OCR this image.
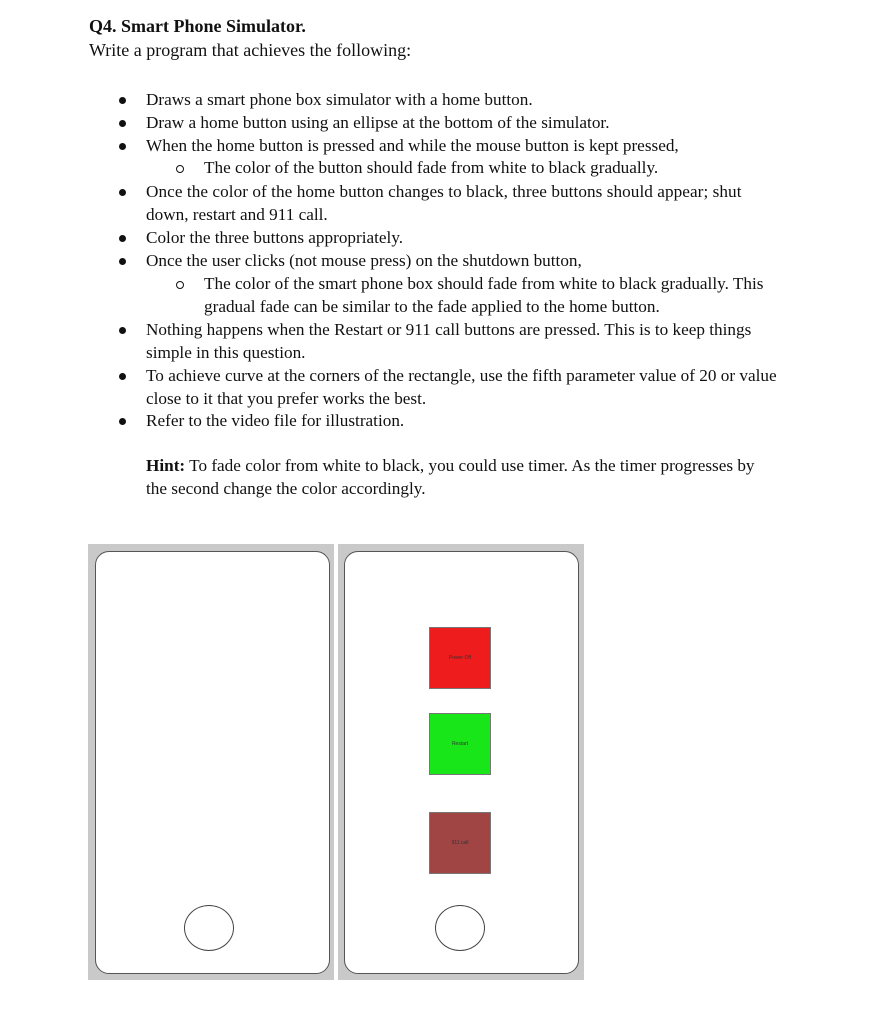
Q4. Smart Phone Simulator.
Write a program that achieves the following:
Draws a smart phone box simulator with a home button.
Draw a home button using an ellipse at the bottom of the simulator.
When the home button is pressed and while the mouse button is kept pressed,
The color of the button should fade from white to black gradually.
Once the color of the home button changes to black, three buttons should appear; shut
down, restart and 911 call.
Color the three buttons appropriately.
Once the user clicks (not mouse press) on the shutdown button,
The color of the smart phone box should fade from white to black gradually. This
gradual fade can be similar to the fade applied to the home button.
Nothing happens when the Restart or 911 call buttons are pressed. This is to keep things
simple in this question.
To achieve curve at the corners of the rectangle, use the fifth parameter value of 20 or value
close to it that you prefer works the best.
Refer to the video file for illustration.
Hint: To fade color from white to black, you could use timer. As the timer progresses by
the second change the color accordingly.
Power Off
Restart
911 call
